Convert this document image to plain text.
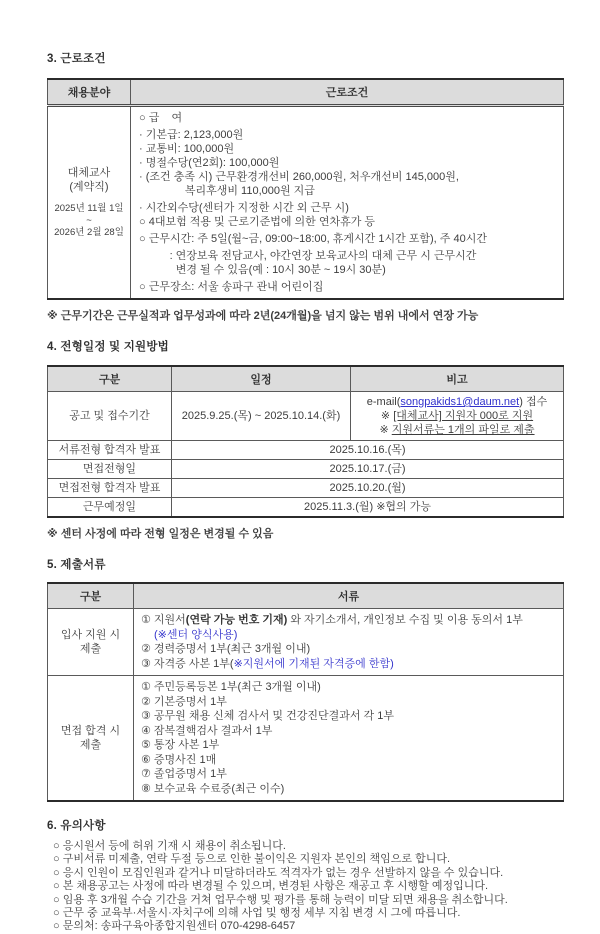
3. 근로조건
채용분야	근로조건

대체교사
(계약직)
2025년 11월 1일
~
2026년 2월 28일

○ 급    여
· 기본급: 2,123,000원
· 교통비: 100,000원
· 명절수당(연2회): 100,000원
· (조건 충족 시) 근무환경개선비 260,000원, 처우개선비 145,000원,
복리후생비 110,000원 지급
· 시간외수당(센터가 지정한 시간 외 근무 시)
○ 4대보험 적용 및 근로기준법에 의한 연차휴가 등
○ 근무시간: 주 5일(월~금, 09:00~18:00, 휴게시간 1시간 포함), 주 40시간
: 연장보육 전담교사, 야간연장 보육교사의 대체 근무 시 근무시간
변경 될 수 있음(예 : 10시 30분 ~ 19시 30분)
○ 근무장소: 서울 송파구 관내 어린이집
※ 근무기간은 근무실적과 업무성과에 따라 2년(24개월)을 넘지 않는 범위 내에서 연장 가능
4. 전형일정 및 지원방법
구분	일정	비고
공고 및 접수기간	2025.9.25.(목) ~ 2025.10.14.(화)	e-mail(songpakids1@daum.net) 접수
※ [대체교사] 지원자 000로 지원
※ 지원서류는 1개의 파일로 제출

서류전형 합격자 발표	2025.10.16.(목)	
면접전형일	2025.10.17.(금)	
면접전형 합격자 발표	2025.10.20.(월)	
근무예정일	2025.11.3.(월) ※협의 가능	
※ 센터 사정에 따라 전형 일정은 변경될 수 있음
5. 제출서류
구분	서류

입사 지원 시
제출

① 지원서(연락 가능 번호 기재) 와 자기소개서, 개인정보 수집 및 이용 동의서 1부
(※센터 양식사용)
② 경력증명서 1부(최근 3개월 이내)
③ 자격증 사본 1부(※지원서에 기재된 자격증에 한함)

면접 합격 시
제출

① 주민등록등본 1부(최근 3개월 이내)
② 기본증명서 1부
③ 공무원 채용 신체 검사서 및 건강진단결과서 각 1부
④ 잠복결핵검사 결과서 1부
⑤ 통장 사본 1부
⑥ 증명사진 1매
⑦ 졸업증명서 1부
⑧ 보수교육 수료증(최근 이수)
6. 유의사항
○ 응시원서 등에 허위 기재 시 채용이 취소됩니다.
○ 구비서류 미제출, 연락 두절 등으로 인한 불이익은 지원자 본인의 책임으로 합니다.
○ 응시 인원이 모집인원과 같거나 미달하더라도 적격자가 없는 경우 선발하지 않을 수 있습니다.
○ 본 채용공고는 사정에 따라 변경될 수 있으며, 변경된 사항은 재공고 후 시행할 예정입니다.
○ 임용 후 3개월 수습 기간을 거쳐 업무수행 및 평가를 통해 능력이 미달 되면 채용을 취소합니다.
○ 근무 중 교육부·서울시·자치구에 의해 사업 및 행정 세부 지침 변경 시 그에 따릅니다.
○ 문의처: 송파구육아종합지원센터 070-4298-6457
